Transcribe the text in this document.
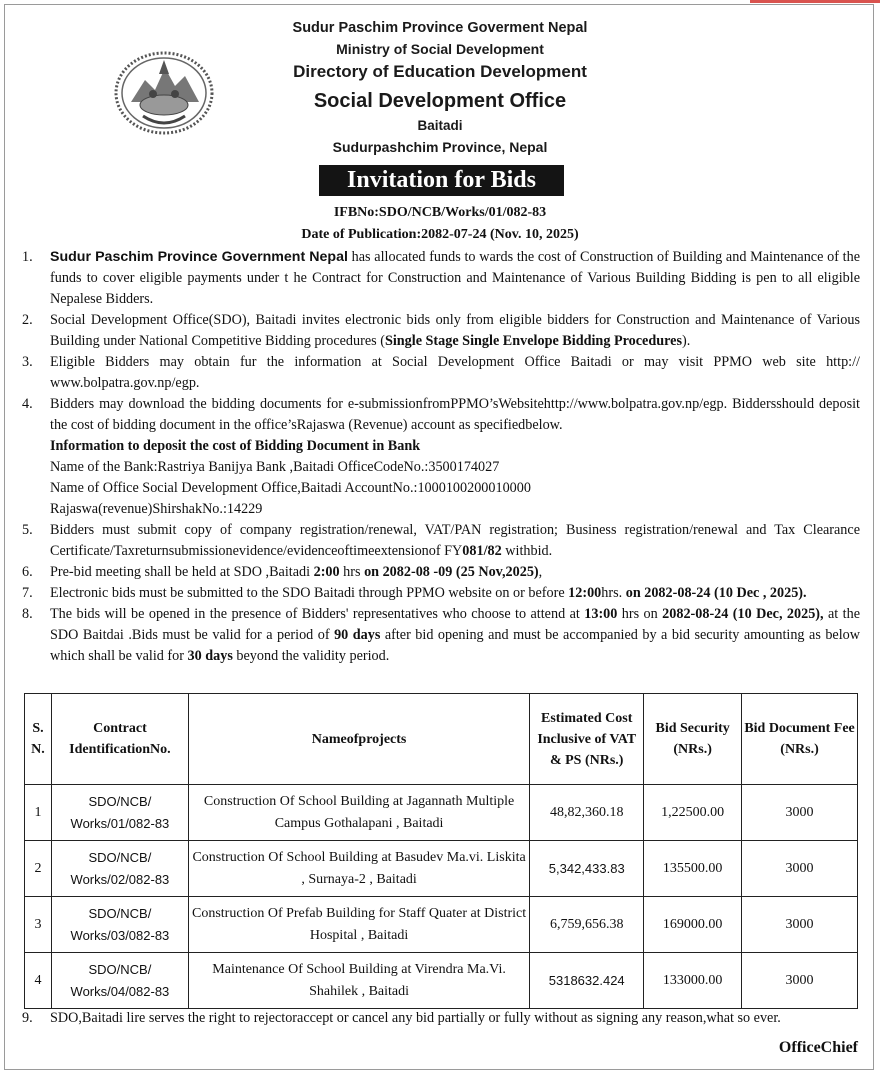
Sudur Paschim Province Goverment Nepal
Ministry of Social Development
Directory of Education Development
Social Development Office
Baitadi
Sudurpashchim Province, Nepal
Invitation for Bids
IFBNo:SDO/NCB/Works/01/082-83
Date of Publication:2082-07-24 (Nov. 10, 2025)
1.	Sudur Paschim Province Government Nepal has allocated funds to wards the cost of Construction of Building and Maintenance of the funds to cover eligible payments under t he Contract for Construction and Maintenance of Various Building Bidding is pen to all eligible Nepalese Bidders.
2.	Social Development Office(SDO), Baitadi invites electronic bids only from eligible bidders for Construction and Maintenance of Various Building under National Competitive Bidding procedures (Single Stage Single Envelope Bidding Procedures).
3.	Eligible Bidders may obtain fur the information at Social Development Office Baitadi or may visit PPMO web site http:// www.bolpatra.gov.np/egp.
4.	Bidders may download the bidding documents for e-submissionfromPPMO’sWebsitehttp://www.bolpatra.gov.np/egp. Biddersshould deposit the cost of bidding document in the office’sRajaswa (Revenue) account as specifiedbelow.
Information to deposit the cost of Bidding Document in Bank
Name of the Bank:Rastriya Banijya Bank ,Baitadi OfficeCodeNo.:3500174027
Name of Office Social Development Office,Baitadi AccountNo.:1000100200010000
Rajaswa(revenue)ShirshakNo.:14229
5.	Bidders must submit copy of company registration/renewal, VAT/PAN registration; Business registration/renewal and Tax Clearance Certificate/Taxreturnsubmissionevidence/evidenceoftimeextensionof FY081/82 withbid.
6.	Pre-bid meeting shall be held at SDO ,Baitadi 2:00 hrs on 2082-08 -09 (25 Nov,2025),
7.	Electronic bids must be submitted to the SDO Baitadi through PPMO website on or before 12:00hrs. on 2082-08-24 (10 Dec , 2025).
8.	The bids will be opened in the presence of Bidders' representatives who choose to attend at 13:00 hrs on 2082-08-24 (10 Dec, 2025), at the SDO Baitdai .Bids must be valid for a period of 90 days after bid opening and must be accompanied by a bid security amounting as below which shall be valid for 30 days beyond the validity period.
S. N.	Contract IdentificationNo.	Nameofprojects	Estimated Cost Inclusive of VAT & PS (NRs.)	Bid Security (NRs.)	Bid Document Fee (NRs.)
1	SDO/NCB/ Works/01/082-83	Construction Of School Building at Jagannath Multiple Campus Gothalapani , Baitadi	48,82,360.18	1,22500.00	3000
2	SDO/NCB/ Works/02/082-83	Construction Of School Building at Basudev Ma.vi. Liskita , Surnaya-2 , Baitadi	5,342,433.83	135500.00	3000
3	SDO/NCB/ Works/03/082-83	Construction Of Prefab Building for Staff Quater at District Hospital , Baitadi	6,759,656.38	169000.00	3000
4	SDO/NCB/ Works/04/082-83	Maintenance Of School Building at Virendra Ma.Vi. Shahilek , Baitadi	5318632.424	133000.00	3000
9.	SDO,Baitadi lire serves the right to rejectoraccept or cancel any bid partially or fully without as signing any reason,what so ever.
OfficeChief
